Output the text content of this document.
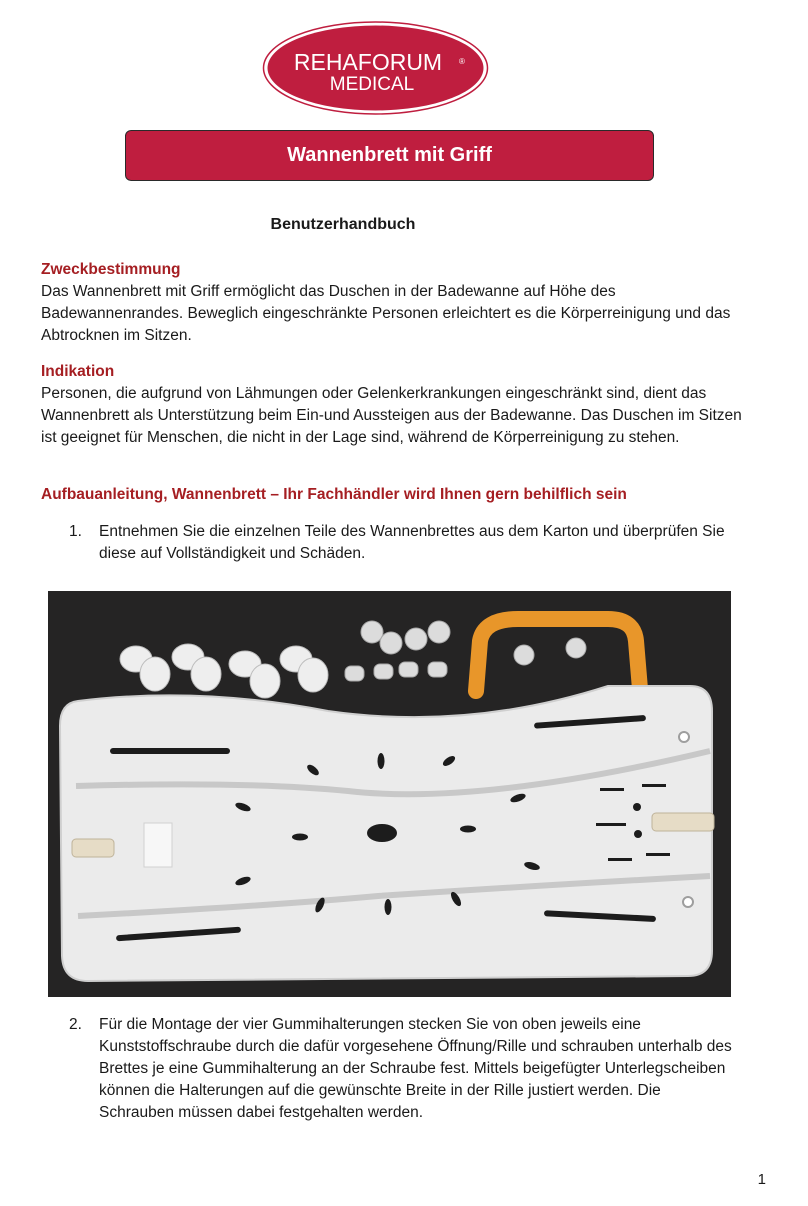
REHAFORUM ®
MEDICAL
Wannenbrett mit Griff
Benutzerhandbuch
Zweckbestimmung
Das Wannenbrett mit Griff ermöglicht das Duschen in der Badewanne auf Höhe des
Badewannenrandes. Beweglich eingeschränkte Personen erleichtert es die Körperreinigung und das
Abtrocknen im Sitzen.
Indikation
Personen, die aufgrund von Lähmungen oder Gelenkerkrankungen eingeschränkt sind, dient das
Wannenbrett als Unterstützung beim Ein-und Aussteigen aus der Badewanne. Das Duschen im Sitzen
ist geeignet für Menschen, die nicht in der Lage sind, während de Körperreinigung zu stehen.
Aufbauanleitung, Wannenbrett – Ihr Fachhändler wird Ihnen gern behilflich sein
1.	Entnehmen Sie die einzelnen Teile des Wannenbrettes aus dem Karton und überprüfen Sie
diese auf Vollständigkeit und Schäden.
2.	Für die Montage der vier Gummihalterungen stecken Sie von oben jeweils eine
Kunststoffschraube durch die dafür vorgesehene Öffnung/Rille und schrauben unterhalb des
Brettes je eine Gummihalterung an der Schraube fest. Mittels beigefügter Unterlegscheiben
können die Halterungen auf die gewünschte Breite in der Rille justiert werden. Die
Schrauben müssen dabei festgehalten werden.
1
